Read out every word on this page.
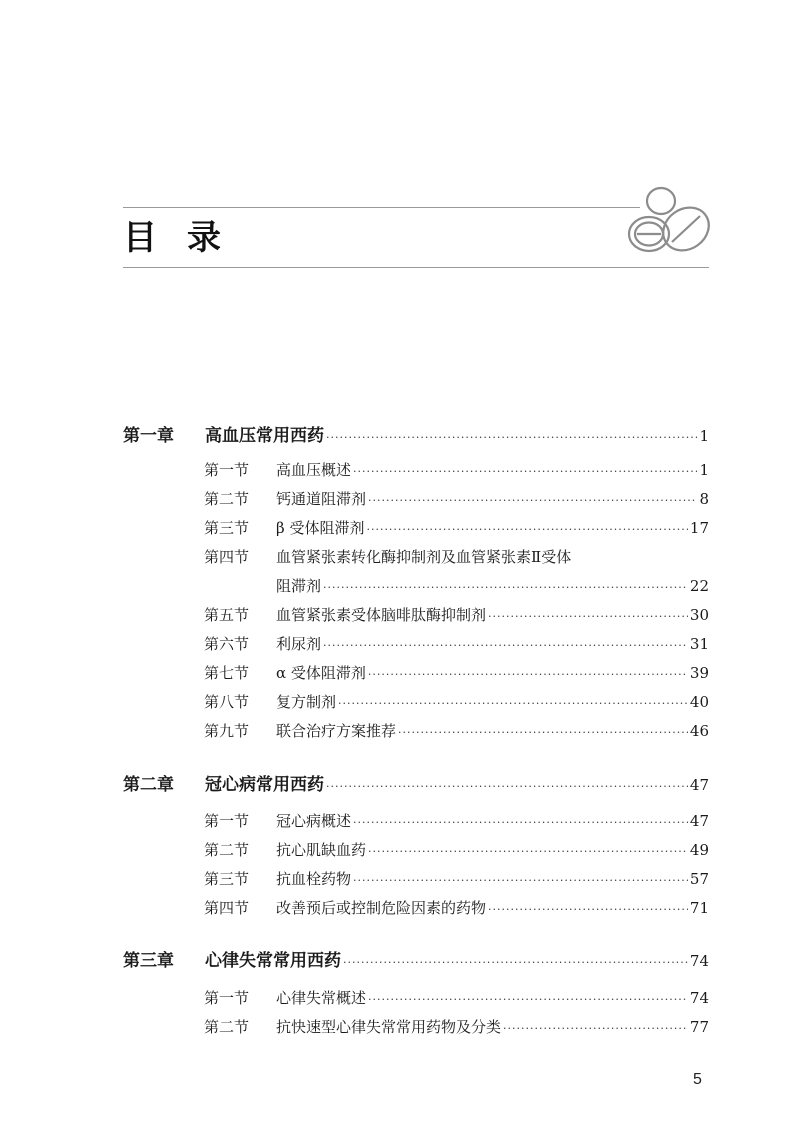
目 录
第一章	高血压常用西药 ·····	1
第一节	高血压概述 ·····	1
第二节	钙通道阻滞剂 ·····	8
第三节	β 受体阻滞剂 ·····	17
第四节	血管紧张素转化酶抑制剂及血管紧张素Ⅱ受体
阻滞剂 ·····	22
第五节	血管紧张素受体脑啡肽酶抑制剂 ·····	30
第六节	利尿剂 ·····	31
第七节	α 受体阻滞剂 ·····	39
第八节	复方制剂 ·····	40
第九节	联合治疗方案推荐 ·····	46
第二章	冠心病常用西药 ·····	47
第一节	冠心病概述 ·····	47
第二节	抗心肌缺血药 ·····	49
第三节	抗血栓药物 ·····	57
第四节	改善预后或控制危险因素的药物 ·····	71
第三章	心律失常常用西药 ·····	74
第一节	心律失常概述 ·····	74
第二节	抗快速型心律失常常用药物及分类 ·····	77
5
